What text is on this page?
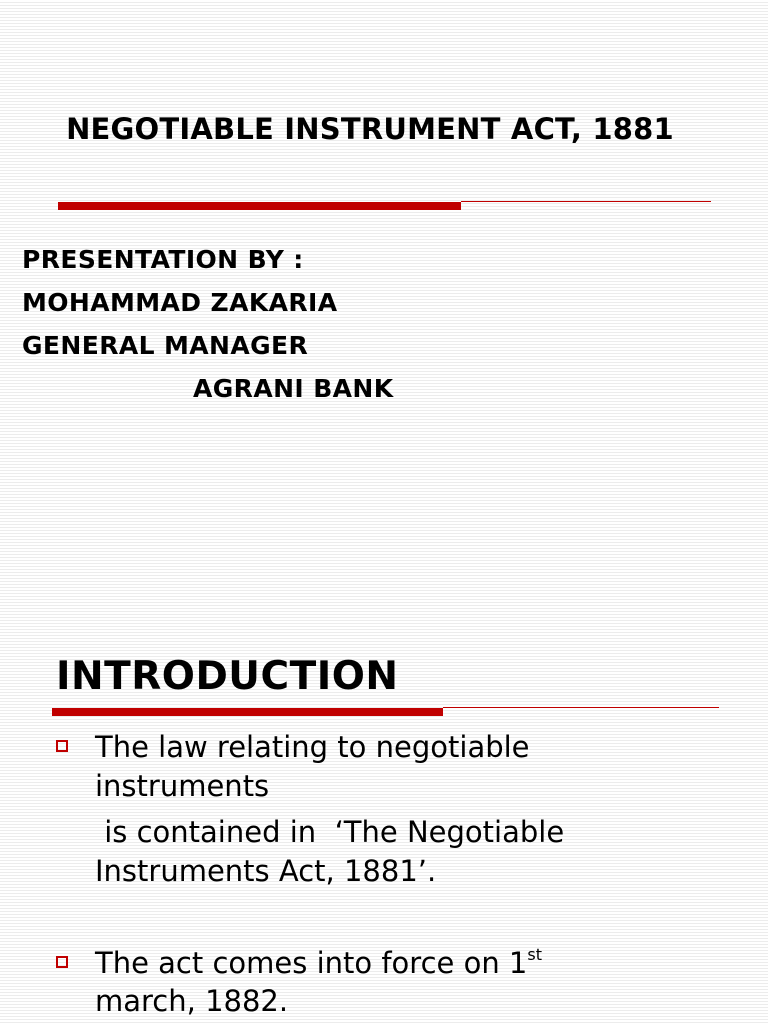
NEGOTIABLE INSTRUMENT ACT, 1881
PRESENTATION BY :
MOHAMMAD ZAKARIA
GENERAL MANAGER
AGRANI BANK
INTRODUCTION
The law relating to negotiable
instruments
is contained in  ‘The Negotiable
Instruments Act, 1881’.
The act comes into force on 1st
march, 1882.
